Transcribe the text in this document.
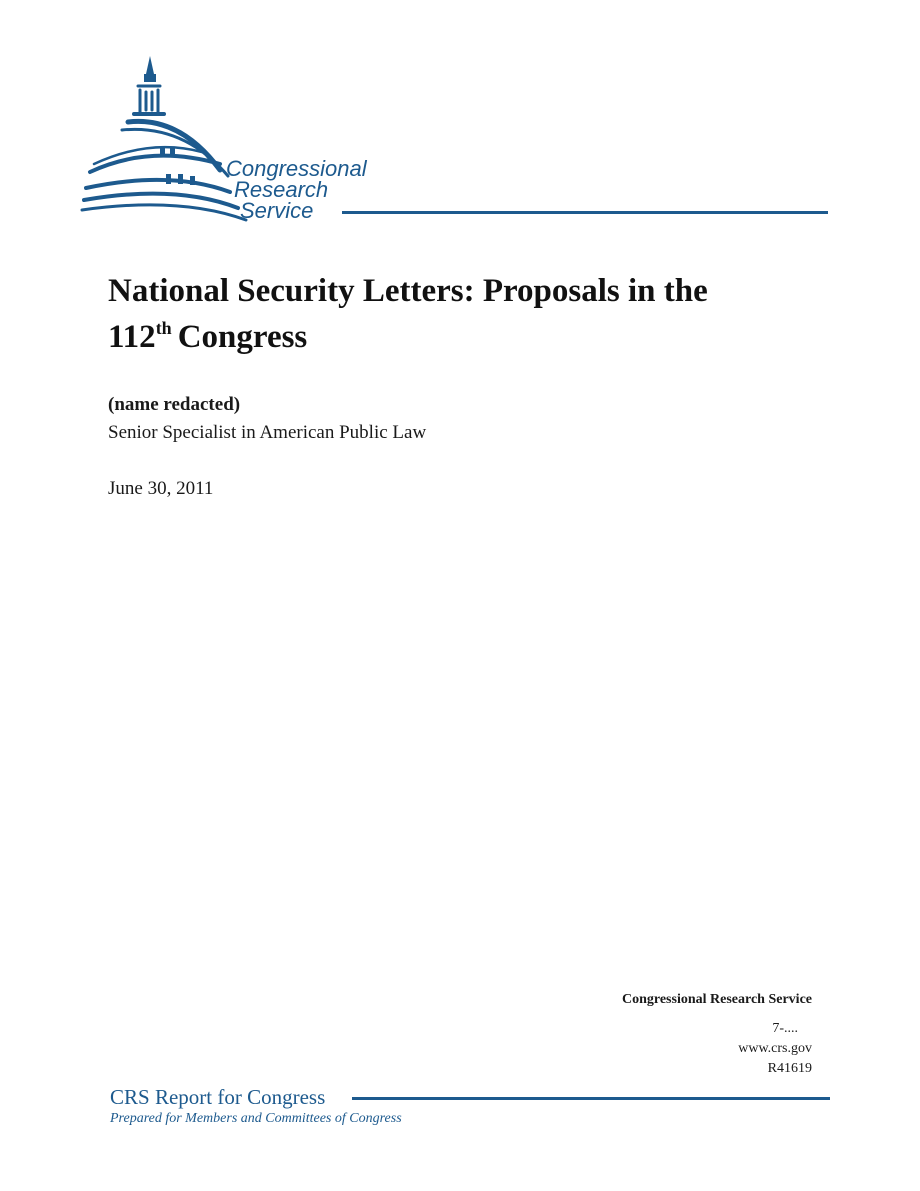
Congressional
Research
Service
National Security Letters: Proposals in the
112th Congress
(name redacted)
Senior Specialist in American Public Law
June 30, 2011
Congressional Research Service
7-....
www.crs.gov
R41619
CRS Report for Congress
Prepared for Members and Committees of Congress
